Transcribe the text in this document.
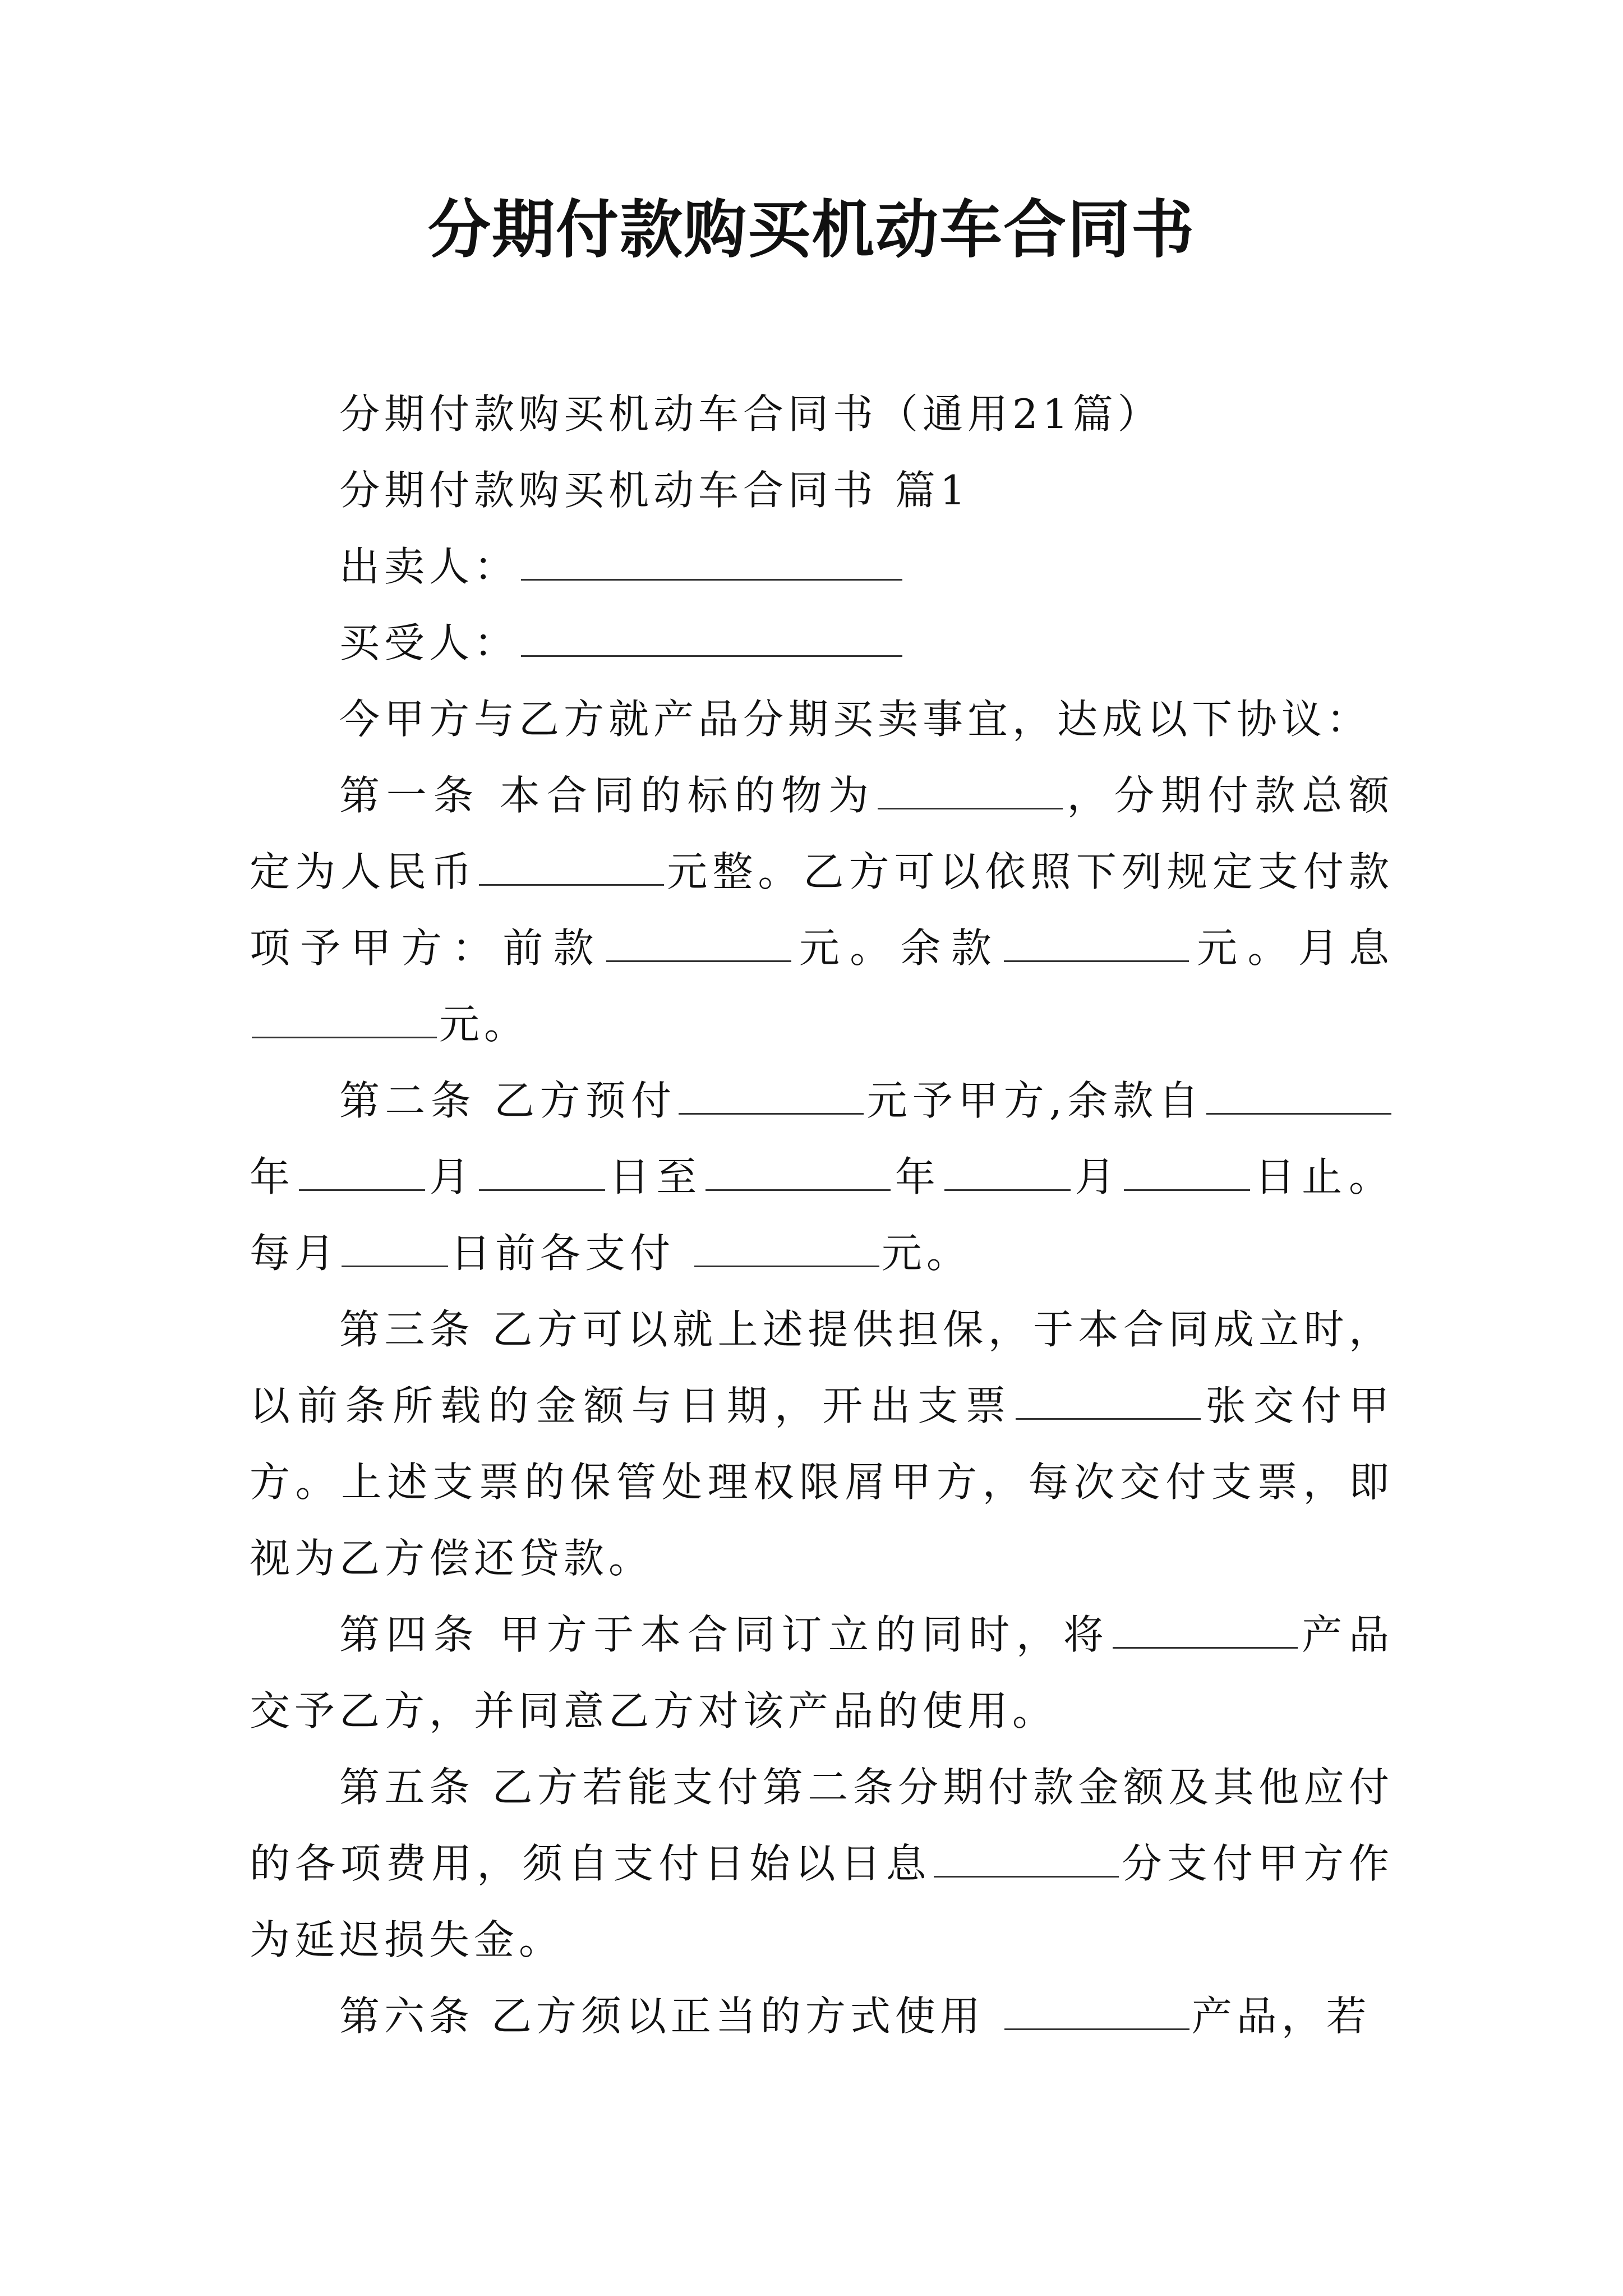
分期付款购买机动车合同书

分期付款购买机动车合同书（通用21篇）

分期付款购买机动车合同书 篇1

出卖人：

买受人：

今甲方与乙方就产品分期买卖事宜，达成以下协议：

第一条 本合同的标的物为	，分期付款总额定为人民币	元整。乙方可以依照下列规定支付款项予甲方：前款	元。余款	元。月息元。

第二条 乙方预付	元予甲方,余款自年	月	日至	年	月	日止。每月	日前各支付	元。

第三条 乙方可以就上述提供担保，于本合同成立时，以前条所载的金额与日期，开出支票	张交付甲方。上述支票的保管处理权限屑甲方，每次交付支票，即视为乙方偿还贷款。

第四条 甲方于本合同订立的同时，将	产品交予乙方，并同意乙方对该产品的使用。

第五条 乙方若能支付第二条分期付款金额及其他应付的各项费用，须自支付日始以日息	分支付甲方作为延迟损失金。

第六条 乙方须以正当的方式使用	产品，若
